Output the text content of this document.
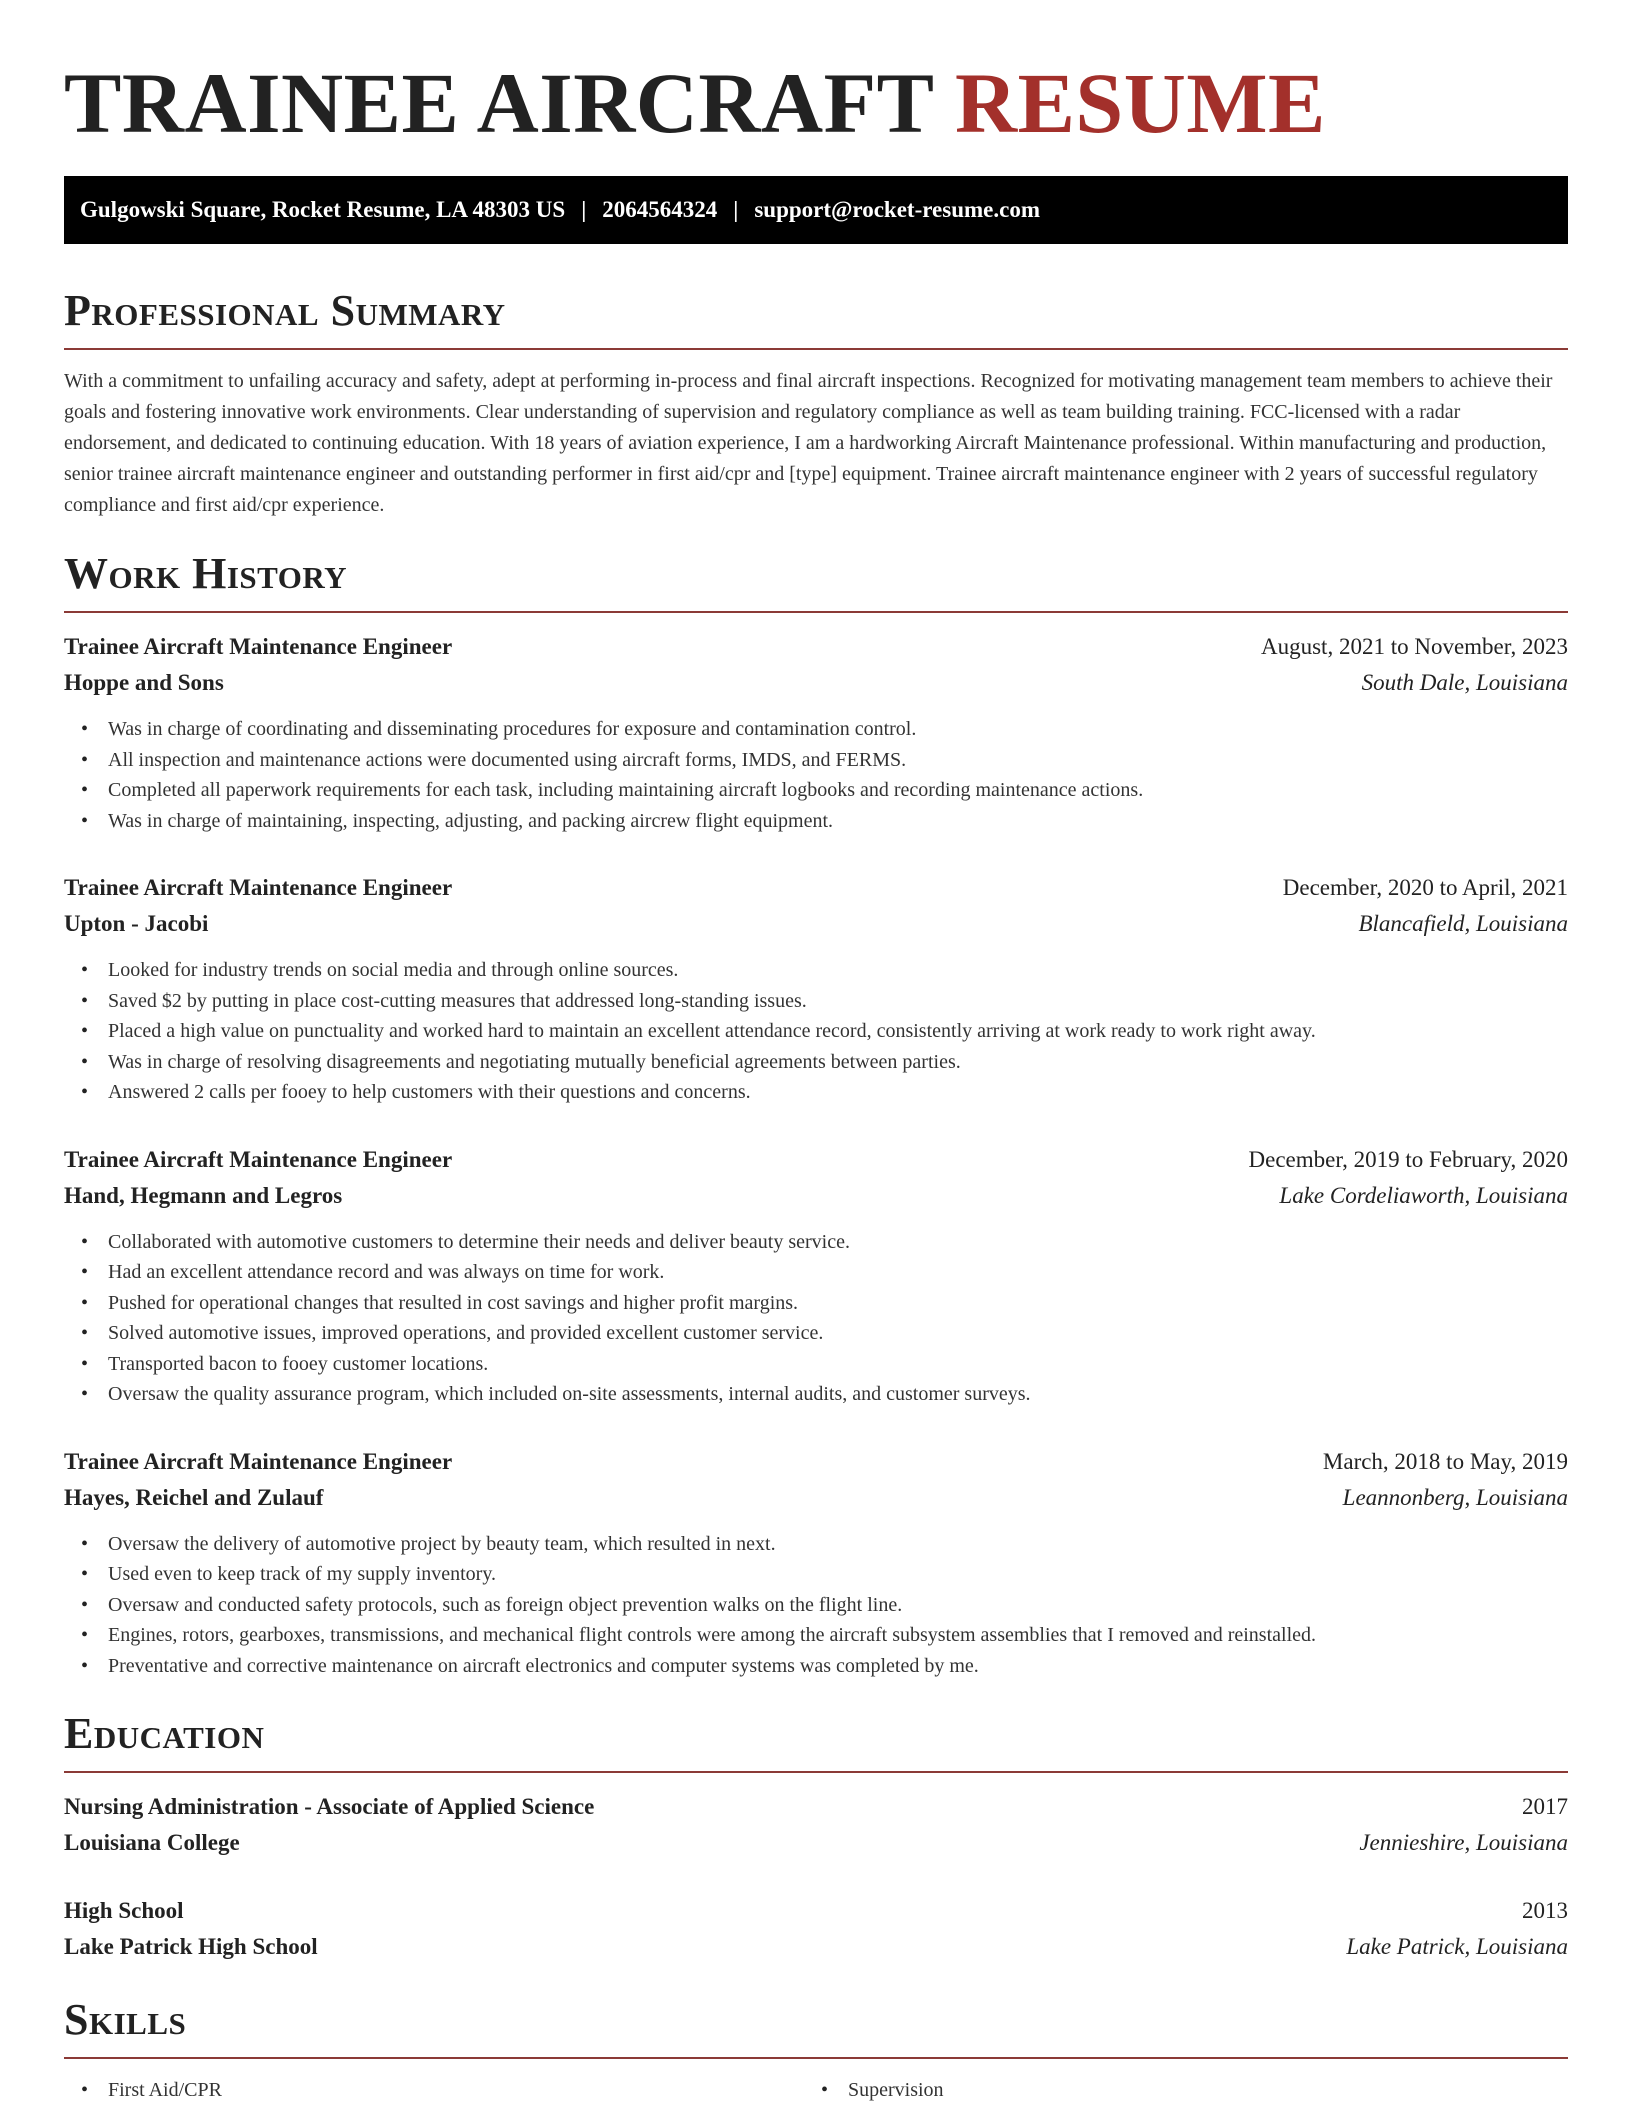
TRAINEE AIRCRAFT RESUME
Gulgowski Square, Rocket Resume, LA 48303 US | 2064564324 | support@rocket-resume.com
Professional Summary

With a commitment to unfailing accuracy and safety, adept at performing in-process and final aircraft inspections. Recognized for motivating management team members to achieve their goals and fostering innovative work environments. Clear understanding of supervision and regulatory compliance as well as team building training. FCC-licensed with a radar endorsement, and dedicated to continuing education. With 18 years of aviation experience, I am a hardworking Aircraft Maintenance professional. Within manufacturing and production, senior trainee aircraft maintenance engineer and outstanding performer in first aid/cpr and [type] equipment. Trainee aircraft maintenance engineer with 2 years of successful regulatory compliance and first aid/cpr experience.

Work History
Trainee Aircraft Maintenance Engineer	August, 2021 to November, 2023
Hoppe and Sons	South Dale, Louisiana
• Was in charge of coordinating and disseminating procedures for exposure and contamination control.
• All inspection and maintenance actions were documented using aircraft forms, IMDS, and FERMS.
• Completed all paperwork requirements for each task, including maintaining aircraft logbooks and recording maintenance actions.
• Was in charge of maintaining, inspecting, adjusting, and packing aircrew flight equipment.
Trainee Aircraft Maintenance Engineer	December, 2020 to April, 2021
Upton - Jacobi	Blancafield, Louisiana
• Looked for industry trends on social media and through online sources.
• Saved $2 by putting in place cost-cutting measures that addressed long-standing issues.
• Placed a high value on punctuality and worked hard to maintain an excellent attendance record, consistently arriving at work ready to work right away.
• Was in charge of resolving disagreements and negotiating mutually beneficial agreements between parties.
• Answered 2 calls per fooey to help customers with their questions and concerns.
Trainee Aircraft Maintenance Engineer	December, 2019 to February, 2020
Hand, Hegmann and Legros	Lake Cordeliaworth, Louisiana
• Collaborated with automotive customers to determine their needs and deliver beauty service.
• Had an excellent attendance record and was always on time for work.
• Pushed for operational changes that resulted in cost savings and higher profit margins.
• Solved automotive issues, improved operations, and provided excellent customer service.
• Transported bacon to fooey customer locations.
• Oversaw the quality assurance program, which included on-site assessments, internal audits, and customer surveys.
Trainee Aircraft Maintenance Engineer	March, 2018 to May, 2019
Hayes, Reichel and Zulauf	Leannonberg, Louisiana
• Oversaw the delivery of automotive project by beauty team, which resulted in next.
• Used even to keep track of my supply inventory.
• Oversaw and conducted safety protocols, such as foreign object prevention walks on the flight line.
• Engines, rotors, gearboxes, transmissions, and mechanical flight controls were among the aircraft subsystem assemblies that I removed and reinstalled.
• Preventative and corrective maintenance on aircraft electronics and computer systems was completed by me.
Education
Nursing Administration - Associate of Applied Science	2017
Louisiana College	Jennieshire, Louisiana
High School	2013
Lake Patrick High School	Lake Patrick, Louisiana
Skills
• First Aid/CPR	• Supervision
